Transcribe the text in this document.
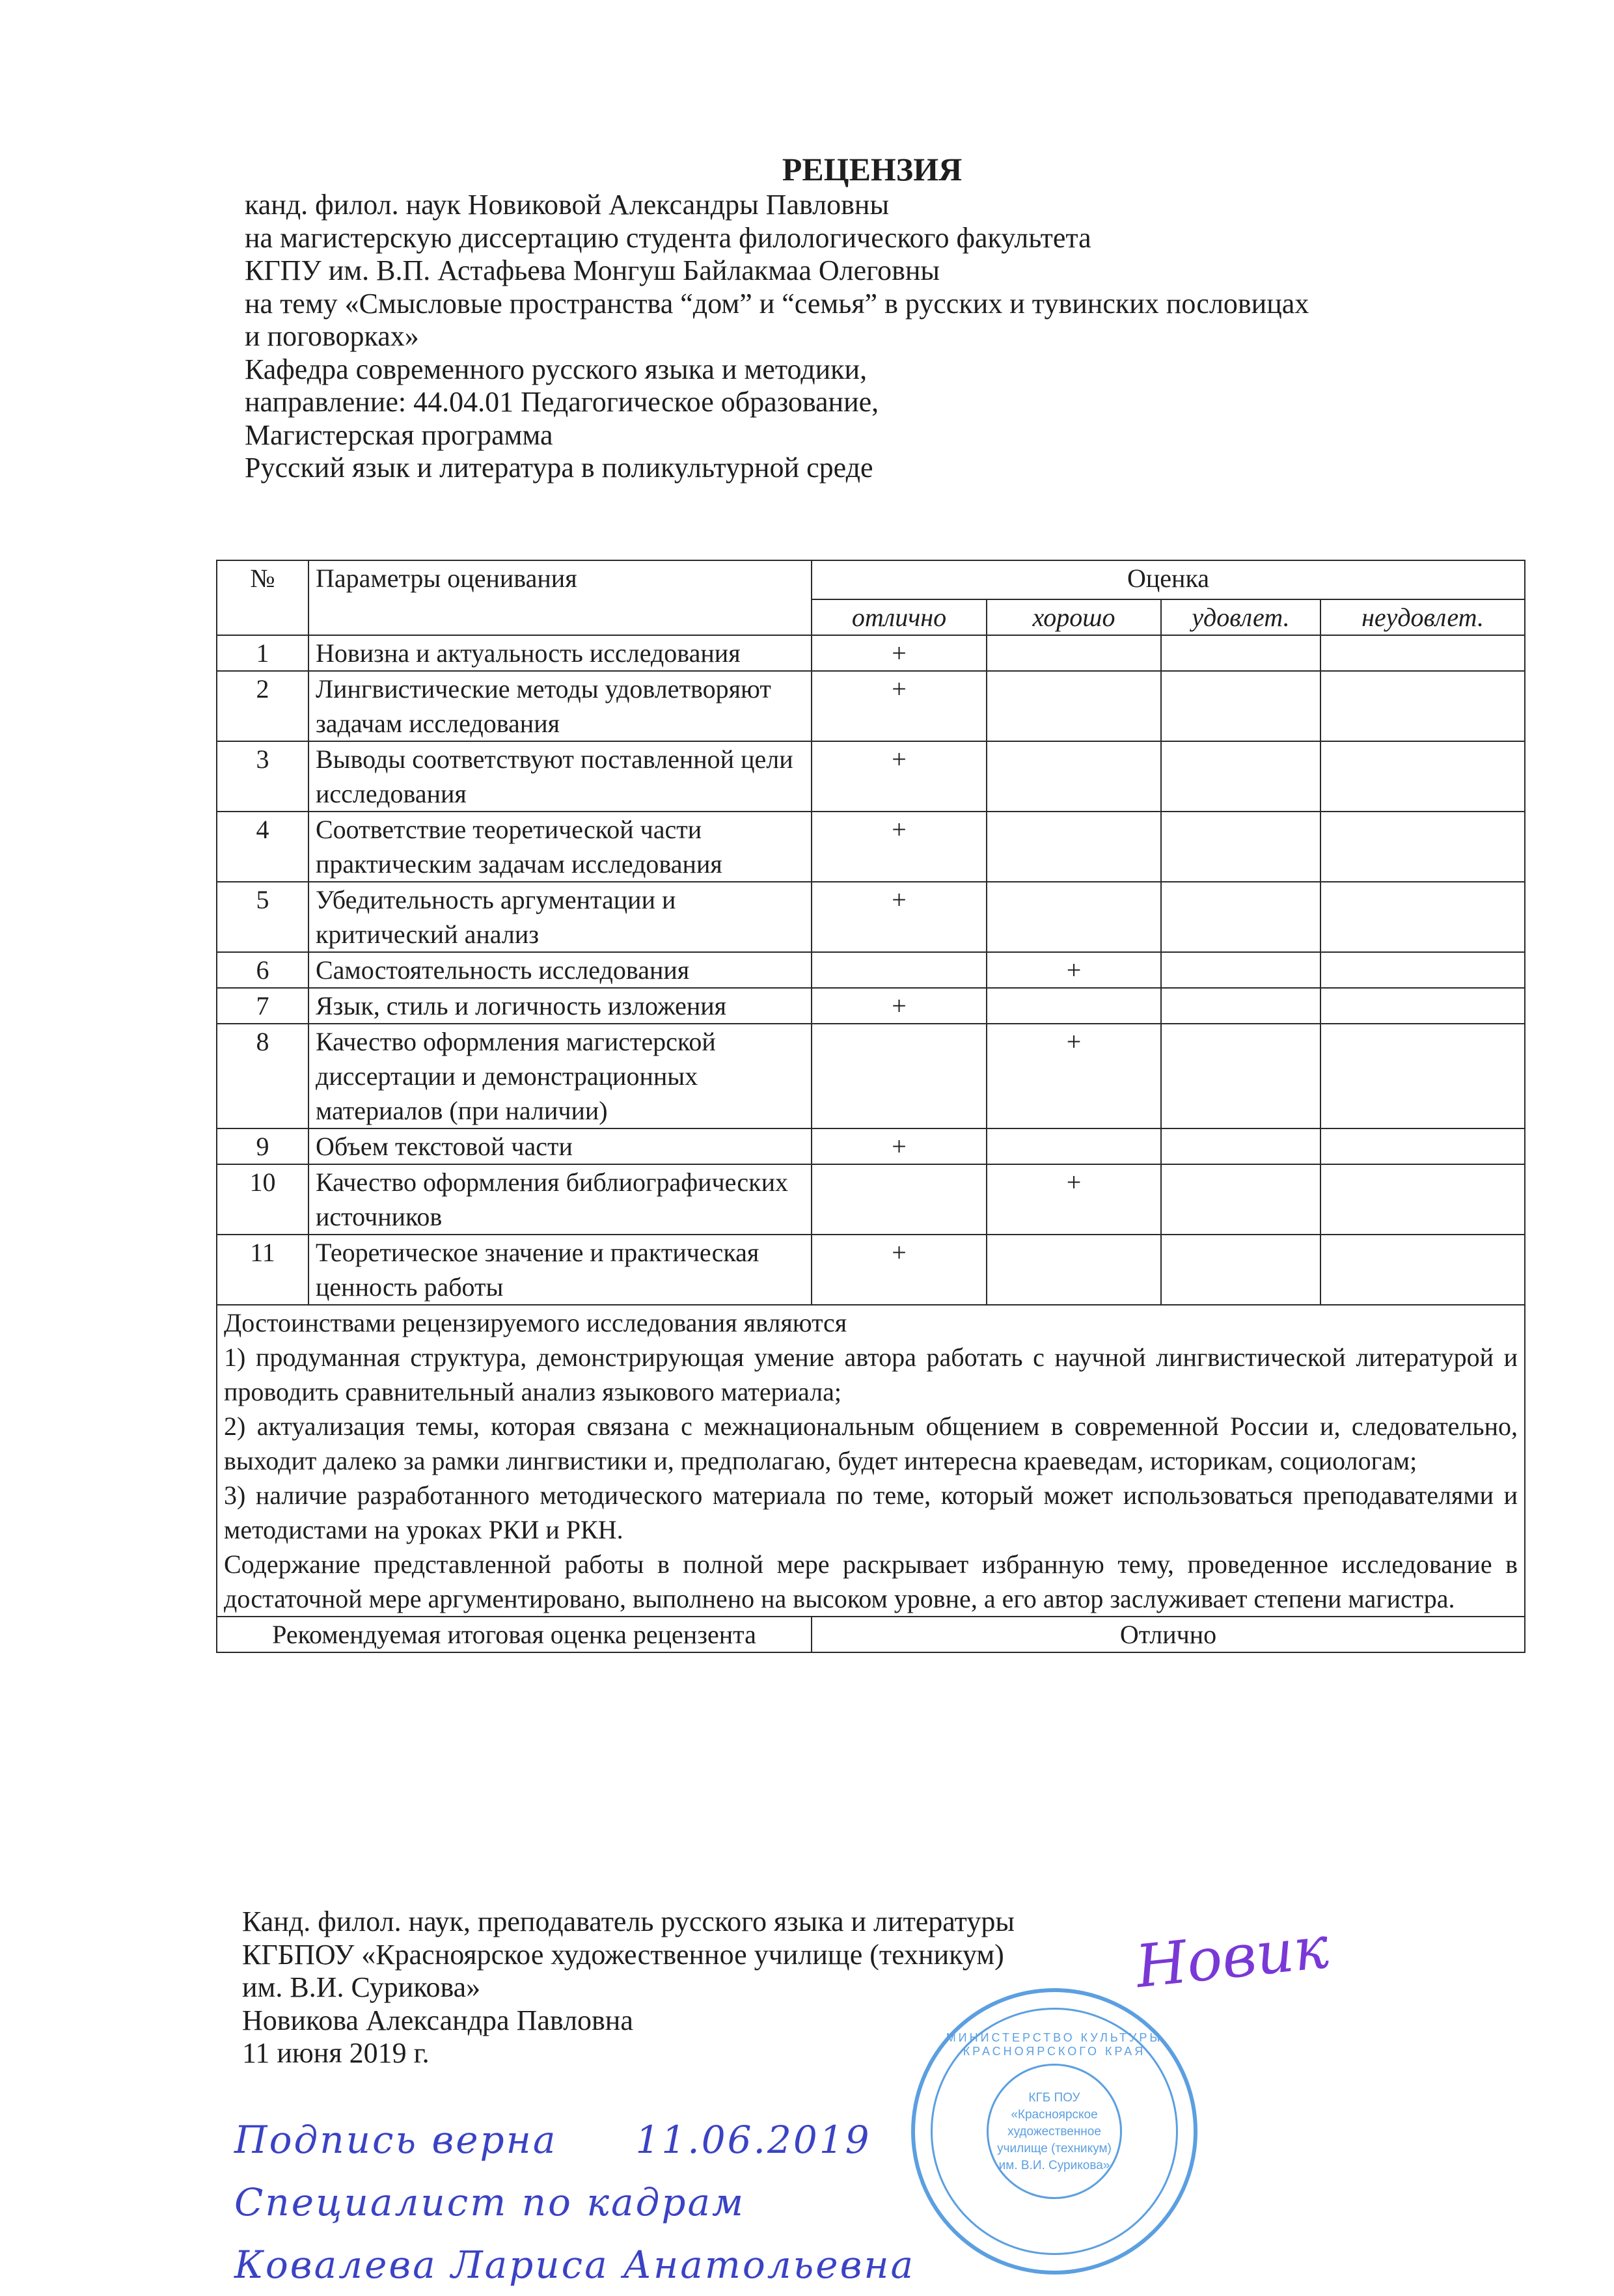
РЕЦЕНЗИЯ
канд. филол. наук Новиковой Александры Павловны
на магистерскую диссертацию студента филологического факультета
КГПУ им. В.П. Астафьева Монгуш Байлакмаа Олеговны
на тему «Смысловые пространства “дом” и “семья” в русских и тувинских пословицах
и поговорках»
Кафедра современного русского языка и методики,
направление: 44.04.01 Педагогическое образование,
Магистерская программа
Русский язык и литература в поликультурной среде
№	Параметры оценивания	Оценка			
		отлично	хорошо	удовлет.	неудовлет.
1	Новизна и актуальность исследования	+			
2	Лингвистические методы удовлетворяют задачам исследования	+			
3	Выводы соответствуют поставленной цели исследования	+			
4	Соответствие теоретической части практическим задачам исследования	+			
5	Убедительность аргументации и критический анализ	+			
6	Самостоятельность исследования		+		
7	Язык, стиль и логичность изложения	+			
8	Качество оформления магистерской диссертации и демонстрационных материалов (при наличии)		+		
9	Объем текстовой части	+			
10	Качество оформления библиографических источников		+		
11	Теоретическое значение и практическая ценность работы	+			

Достоинствами рецензируемого исследования являются

1) продуманная структура, демонстрирующая умение автора работать с научной лингвистической литературой и проводить сравнительный анализ языкового материала;

2) актуализация темы, которая связана с межнациональным общением в современной России и, следовательно, выходит далеко за рамки лингвистики и, предполагаю, будет интересна краеведам, историкам, социологам;

3) наличие разработанного методического материала по теме, который может использоваться преподавателями и методистами на уроках РКИ и РКН.

Содержание представленной работы в полной мере раскрывает избранную тему, проведенное исследование в достаточной мере аргументировано, выполнено на высоком уровне, а его автор заслуживает степени магистра.					

Рекомендуемая итоговая оценка рецензента		Отлично			
Канд. филол. наук, преподаватель русского языка и литературы
КГБПОУ «Красноярское художественное училище (техникум)
им. В.И. Сурикова»
Новикова Александра Павловна
11 июня 2019 г.	МИНИСТЕРСТВО КУЛЬТУРЫ КРАСНОЯРСКОГО КРАЯ
КГБ ПОУ
«Красноярское
художественное
училище (техникум)
им. В.И. Сурикова»
Новик
Подпись верна 11.06.2019
Специалист по кадрам
Ковалева Лариса Анатольевна
